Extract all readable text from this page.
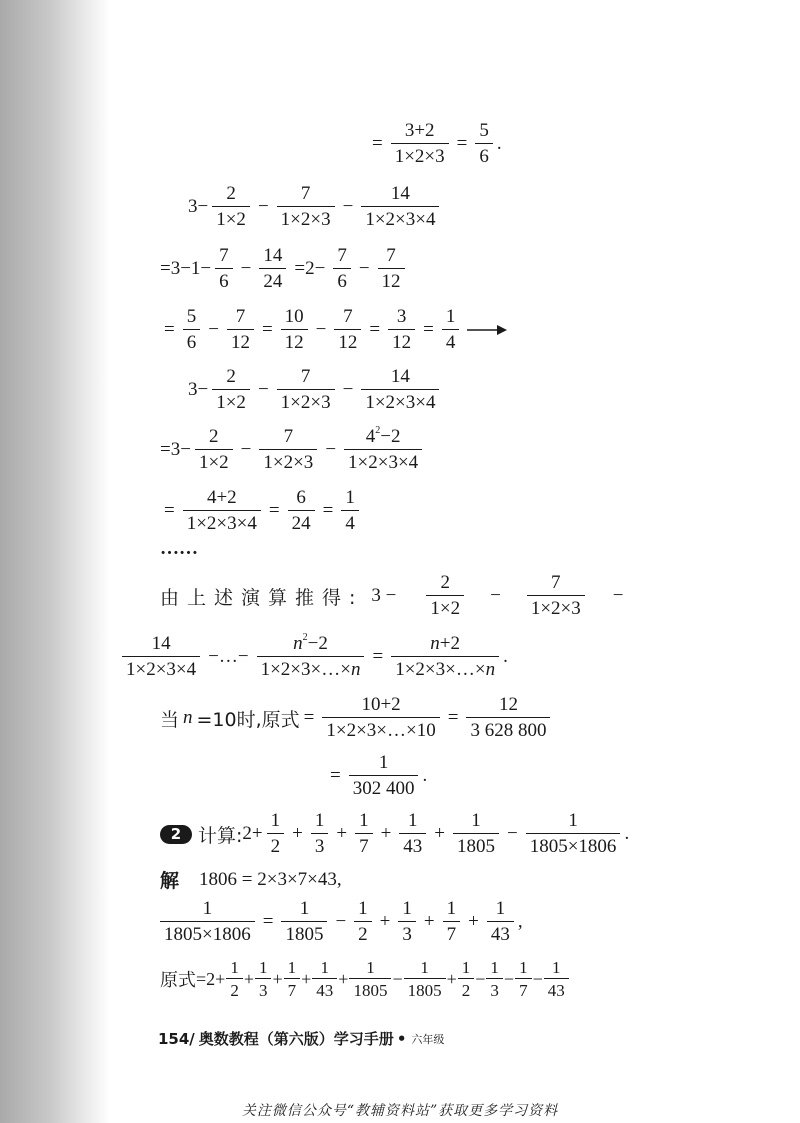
= $\frac{3+2}{1\times 2\times 3} = \frac{5}{6}$ .
$3- \frac{2}{1\times 2} - \frac{7}{1\times 2\times 3} - \frac{14}{1\times 2\times 3\times 4}$
$=3-1- \frac{7}{6} - \frac{14}{24} =2- \frac{7}{6} - \frac{7}{12}$
= $\frac{5}{6} - \frac{7}{12} = \frac{10}{12} - \frac{7}{12} = \frac{3}{12} = \frac{1}{4}$
$3- \frac{2}{1\times 2} - \frac{7}{1\times 2\times 3} - \frac{14}{1\times 2\times 3\times 4}$
$=3- \frac{2}{1\times 2} - \frac{7}{1\times 2\times 3} - \frac{4^2-2}{1\times 2\times 3\times 4}$
= $\frac{4+2}{1\times 2\times 3\times 4} = \frac{6}{24} = \frac{1}{4}$
……
由上述演算推得: $3 - \frac{2}{1\times 2} - \frac{7}{1\times 2\times 3}$ −
$\frac{14}{1\times 2\times 3\times 4}$ −…− $\frac{n^2-2}{1\times 2\times 3\times\dots\times n} = \frac{n+2}{1\times 2\times 3\times\dots\times n}$ .
当 n =10时,原式 = $\frac{10+2}{1\times 2\times 3\times\dots\times 10} = \frac{12}{3 628 800}$
= $\frac{1}{302 400}$ .
2 计算: $2+ \frac{1}{2} + \frac{1}{3} + \frac{1}{7} + \frac{1}{43} + \frac{1}{1805} - \frac{1}{1805\times 1806}$ .
解 1806 = 2×3×7×43,
$\frac{1}{1805\times 1806} = \frac{1}{1805} - \frac{1}{2} + \frac{1}{3} + \frac{1}{7} + \frac{1}{43}$ ,
原式 $=2+ \frac{1}{2} + \frac{1}{3} + \frac{1}{7} + \frac{1}{43} + \frac{1}{1805} - \frac{1}{1805} + \frac{1}{2} - \frac{1}{3} - \frac{1}{7} - \frac{1}{43}$
154/ 奥数教程（第六版）学习手册 • 六年级
关注微信公众号“教辅资料站”获取更多学习资料
